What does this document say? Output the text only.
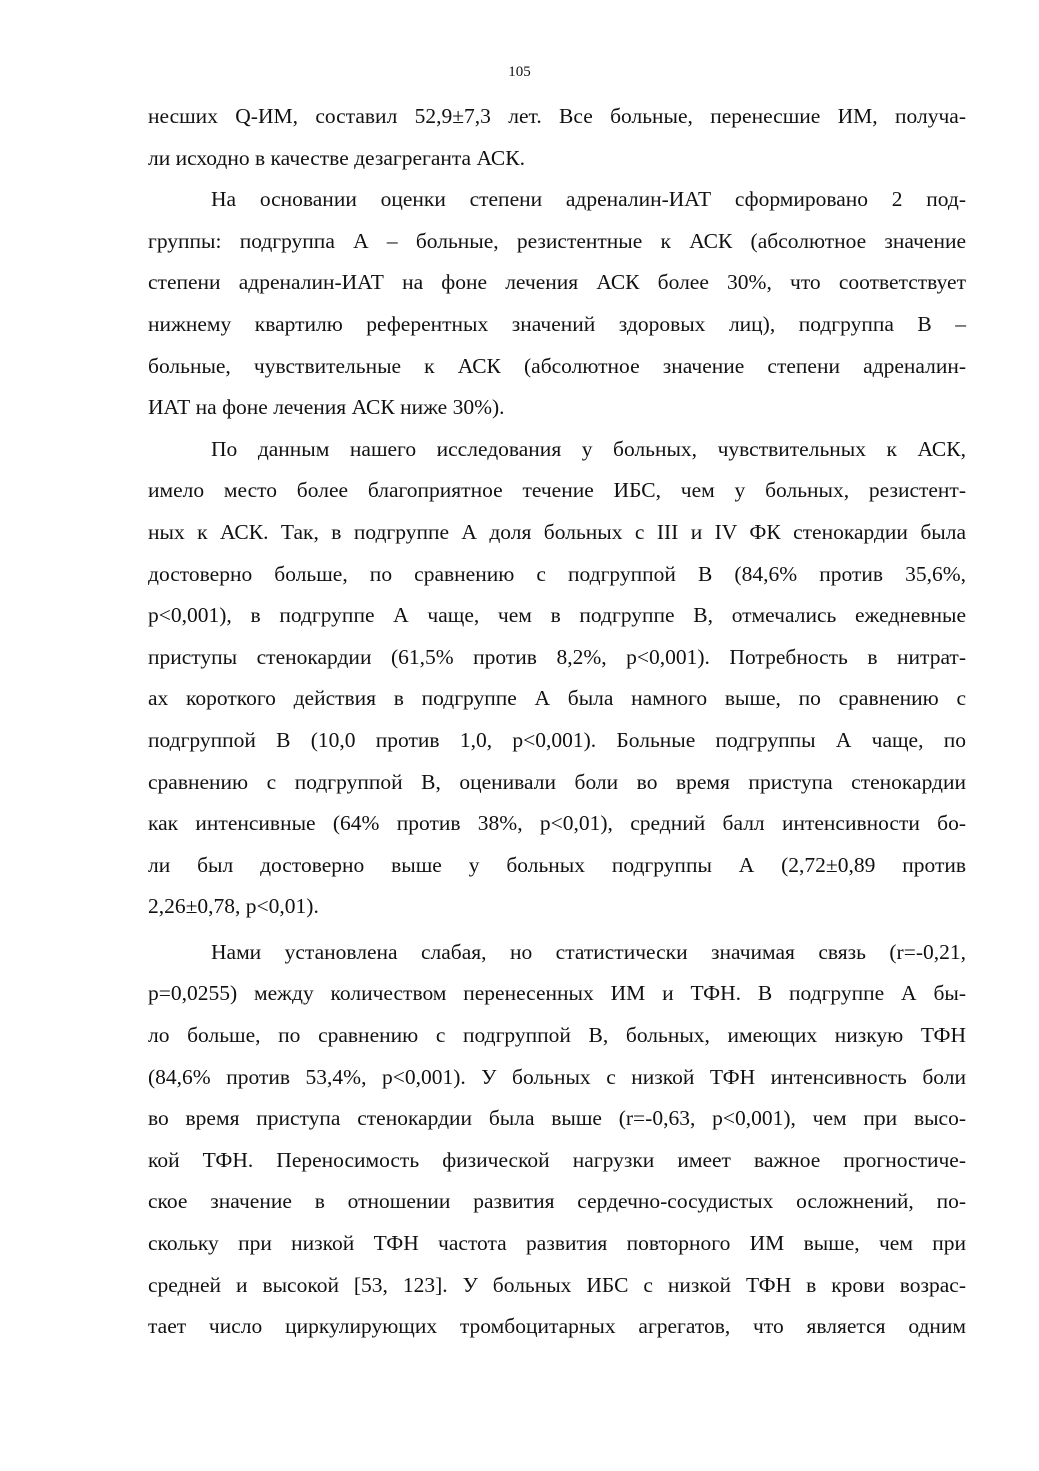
105

несших Q-ИМ, составил 52,9±7,3 лет. Все больные, перенесшие ИМ, получа-
ли исходно в качестве дезагреганта АСК.

На основании оценки степени адреналин-ИАТ сформировано 2 под-
группы: подгруппа А – больные, резистентные к АСК (абсолютное значение
степени адреналин-ИАТ на фоне лечения АСК более 30%, что соответствует
нижнему квартилю референтных значений здоровых лиц), подгруппа В –
больные, чувствительные к АСК (абсолютное значение степени адреналин-
ИАТ на фоне лечения АСК ниже 30%).

По данным нашего исследования у больных, чувствительных к АСК,
имело место более благоприятное течение ИБС, чем у больных, резистент-
ных к АСК. Так, в подгруппе А доля больных с III и IV ФК стенокардии была
достоверно больше, по сравнению с подгруппой В (84,6% против 35,6%,
р<0,001), в подгруппе А чаще, чем в подгруппе В, отмечались ежедневные
приступы стенокардии (61,5% против 8,2%, р<0,001). Потребность в нитрат-
ах короткого действия в подгруппе А была намного выше, по сравнению с
подгруппой В (10,0 против 1,0, р<0,001). Больные подгруппы А чаще, по
сравнению с подгруппой В, оценивали боли во время приступа стенокардии
как интенсивные (64% против 38%, р<0,01), средний балл интенсивности бо-
ли был достоверно выше у больных подгруппы А (2,72±0,89 против
2,26±0,78, р<0,01).

Нами установлена слабая, но статистически значимая связь (r=-0,21,
р=0,0255) между количеством перенесенных ИМ и ТФН. В подгруппе А бы-
ло больше, по сравнению с подгруппой В, больных, имеющих низкую ТФН
(84,6% против 53,4%, р<0,001). У больных с низкой ТФН интенсивность боли
во время приступа стенокардии была выше (r=-0,63, р<0,001), чем при высо-
кой ТФН. Переносимость физической нагрузки имеет важное прогностиче-
ское значение в отношении развития сердечно-сосудистых осложнений, по-
скольку при низкой ТФН частота развития повторного ИМ выше, чем при
средней и высокой [53, 123]. У больных ИБС с низкой ТФН в крови возрас-
тает число циркулирующих тромбоцитарных агрегатов, что является одним
